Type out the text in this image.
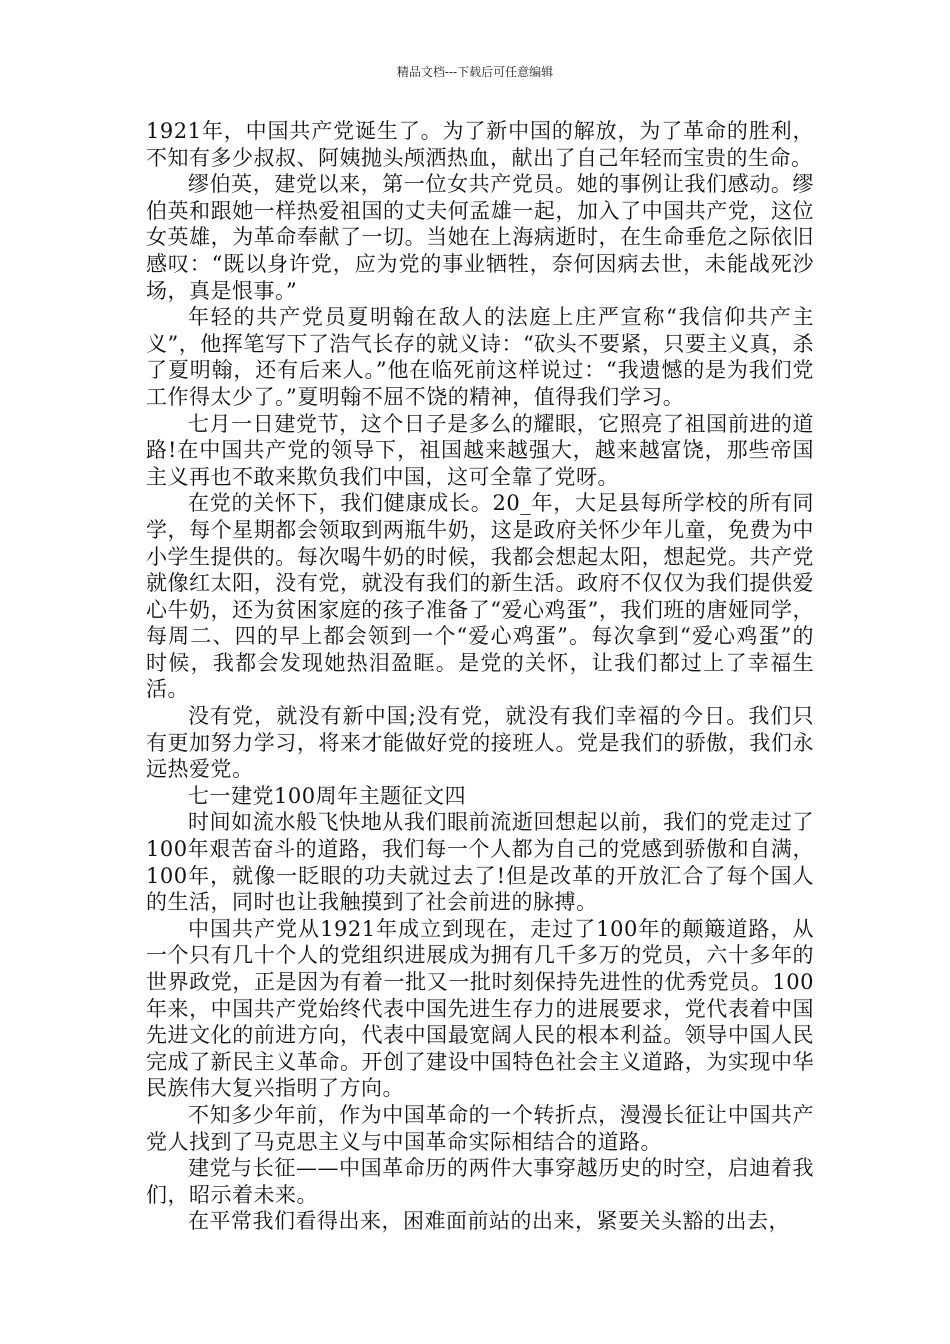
精品文档---下载后可任意编辑

1921年，中国共产党诞生了。为了新中国的解放，为了革命的胜利，不知有多少叔叔、阿姨抛头颅洒热血，献出了自己年轻而宝贵的生命。

缪伯英，建党以来，第一位女共产党员。她的事例让我们感动。缪伯英和跟她一样热爱祖国的丈夫何孟雄一起，加入了中国共产党，这位女英雄，为革命奉献了一切。当她在上海病逝时，在生命垂危之际依旧感叹：“既以身许党，应为党的事业牺牲，奈何因病去世，未能战死沙场，真是恨事。”

年轻的共产党员夏明翰在敌人的法庭上庄严宣称“我信仰共产主义”，他挥笔写下了浩气长存的就义诗：“砍头不要紧，只要主义真，杀了夏明翰，还有后来人。”他在临死前这样说过：“我遗憾的是为我们党工作得太少了。”夏明翰不屈不饶的精神，值得我们学习。

七月一日建党节，这个日子是多么的耀眼，它照亮了祖国前进的道路!在中国共产党的领导下，祖国越来越强大，越来越富饶，那些帝国主义再也不敢来欺负我们中国，这可全靠了党呀。

在党的关怀下，我们健康成长。20_年，大足县每所学校的所有同学，每个星期都会领取到两瓶牛奶，这是政府关怀少年儿童，免费为中小学生提供的。每次喝牛奶的时候，我都会想起太阳，想起党。共产党就像红太阳，没有党，就没有我们的新生活。政府不仅仅为我们提供爱心牛奶，还为贫困家庭的孩子准备了“爱心鸡蛋”，我们班的唐娅同学，每周二、四的早上都会领到一个“爱心鸡蛋”。每次拿到“爱心鸡蛋”的时候，我都会发现她热泪盈眶。是党的关怀，让我们都过上了幸福生活。

没有党，就没有新中国;没有党，就没有我们幸福的今日。我们只有更加努力学习，将来才能做好党的接班人。党是我们的骄傲，我们永远热爱党。

七一建党100周年主题征文四

时间如流水般飞快地从我们眼前流逝回想起以前，我们的党走过了100年艰苦奋斗的道路，我们每一个人都为自己的党感到骄傲和自满，100年，就像一眨眼的功夫就过去了!但是改革的开放汇合了每个国人的生活，同时也让我触摸到了社会前进的脉搏。

中国共产党从1921年成立到现在，走过了100年的颠簸道路，从一个只有几十个人的党组织进展成为拥有几千多万的党员，六十多年的世界政党，正是因为有着一批又一批时刻保持先进性的优秀党员。100年来，中国共产党始终代表中国先进生存力的进展要求，党代表着中国先进文化的前进方向，代表中国最宽阔人民的根本利益。领导中国人民完成了新民主义革命。开创了建设中国特色社会主义道路，为实现中华民族伟大复兴指明了方向。

不知多少年前，作为中国革命的一个转折点，漫漫长征让中国共产党人找到了马克思主义与中国革命实际相结合的道路。

建党与长征——中国革命历的两件大事穿越历史的时空，启迪着我们，昭示着未来。

在平常我们看得出来，困难面前站的出来，紧要关头豁的出去，
